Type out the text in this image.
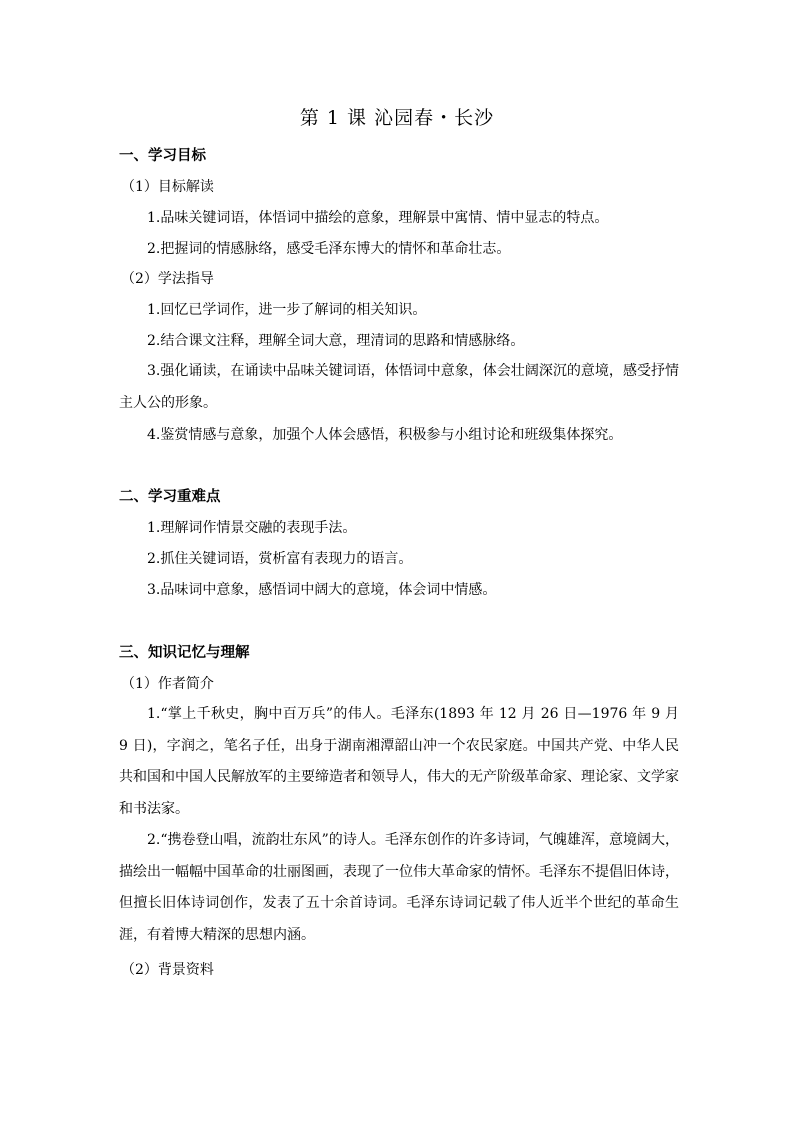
第 1 课 沁园春・长沙
一、学习目标
（1）目标解读
1.品味关键词语，体悟词中描绘的意象，理解景中寓情、情中显志的特点。
2.把握词的情感脉络，感受毛泽东博大的情怀和革命壮志。
（2）学法指导
1.回忆已学词作，进一步了解词的相关知识。
2.结合课文注释，理解全词大意，理清词的思路和情感脉络。
3.强化诵读，在诵读中品味关键词语，体悟词中意象，体会壮阔深沉的意境，感受抒情主人公的形象。
4.鉴赏情感与意象，加强个人体会感悟，积极参与小组讨论和班级集体探究。
二、学习重难点
1.理解词作情景交融的表现手法。
2.抓住关键词语，赏析富有表现力的语言。
3.品味词中意象，感悟词中阔大的意境，体会词中情感。
三、知识记忆与理解
（1）作者简介
1.“掌上千秋史，胸中百万兵”的伟人。毛泽东(1893 年 12 月 26 日—1976 年 9 月 9 日)，字润之，笔名子任，出身于湖南湘潭韶山冲一个农民家庭。中国共产党、中华人民共和国和中国人民解放军的主要缔造者和领导人，伟大的无产阶级革命家、理论家、文学家和书法家。
2.“携卷登山唱，流韵壮东风”的诗人。毛泽东创作的许多诗词，气魄雄浑，意境阔大，描绘出一幅幅中国革命的壮丽图画，表现了一位伟大革命家的情怀。毛泽东不提倡旧体诗，但擅长旧体诗词创作，发表了五十余首诗词。毛泽东诗词记载了伟人近半个世纪的革命生涯，有着博大精深的思想内涵。
（2）背景资料
